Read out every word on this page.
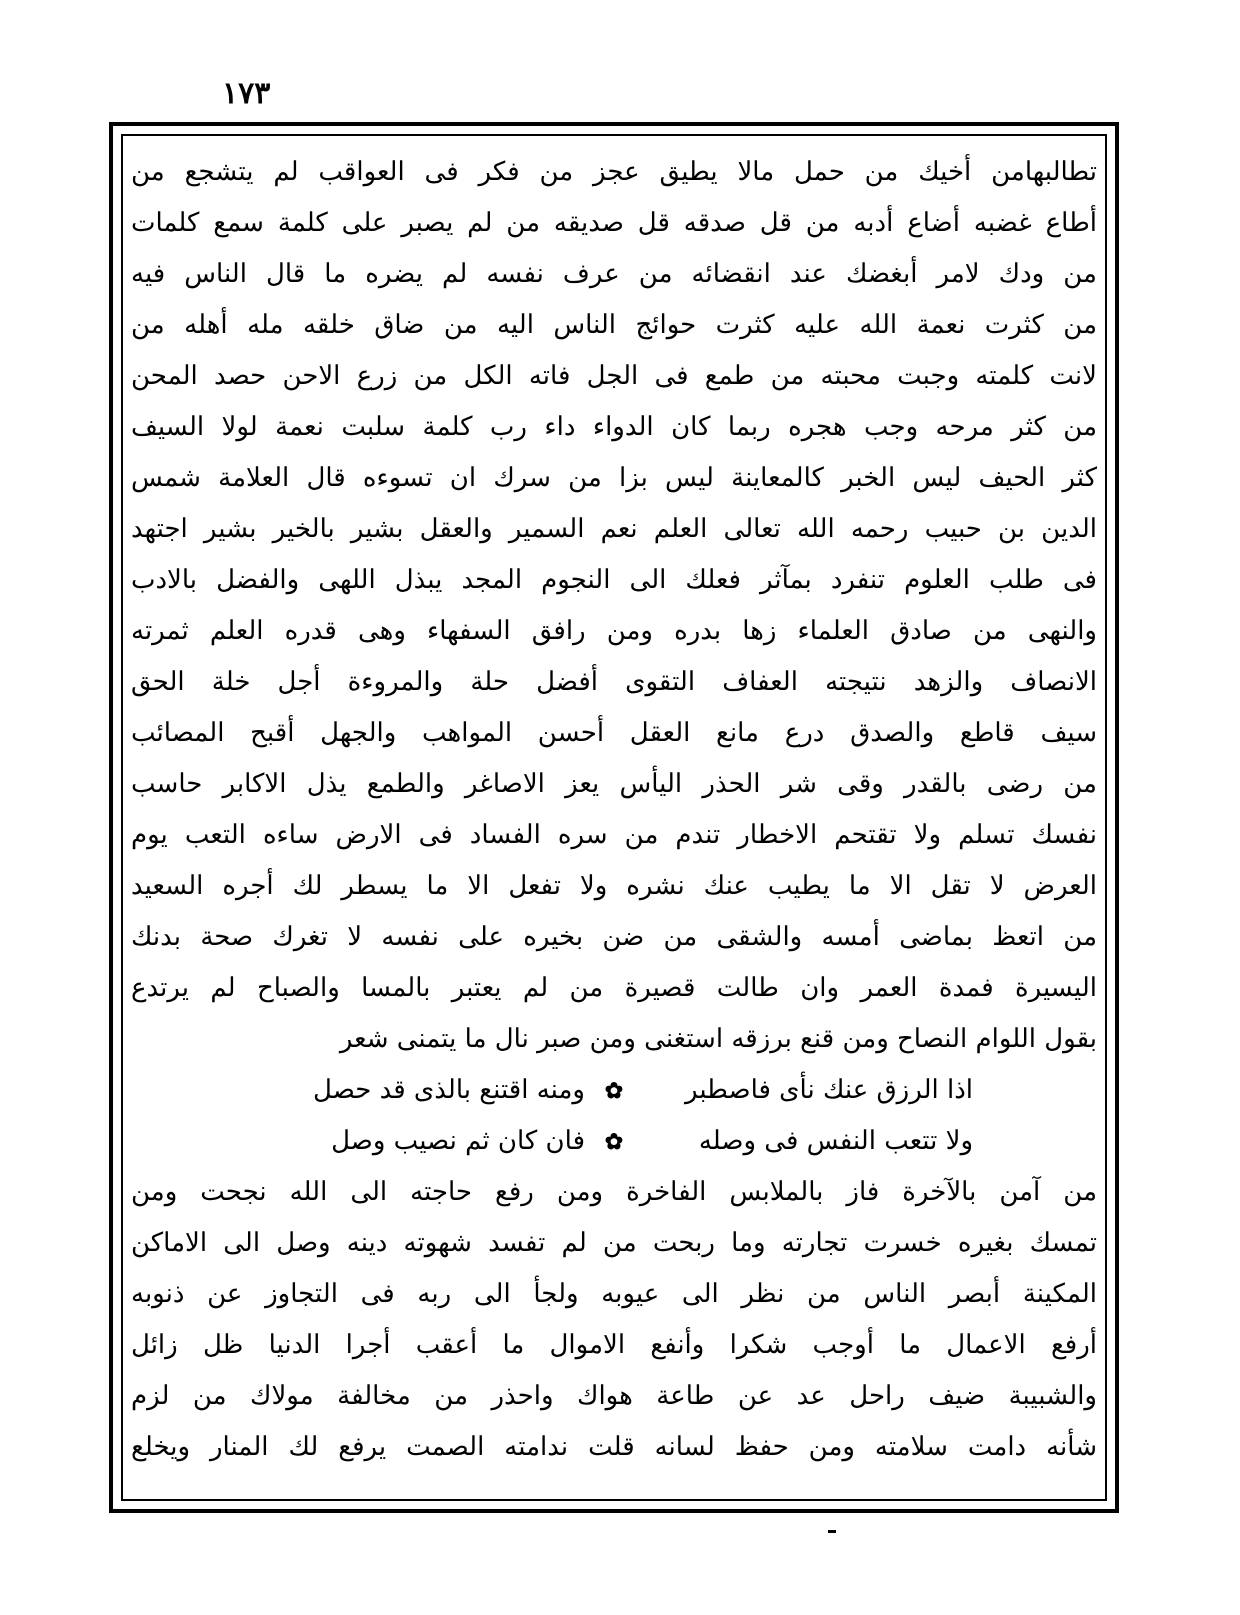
١٧٣
تطالبهامن أخيك من حمل مالا يطيق عجز من فكر فى العواقب لم يتشجع من
أطاع غضبه أضاع أدبه من قل صدقه قل صديقه من لم يصبر على كلمة سمع كلمات
من ودك لامر أبغضك عند انقضائه من عرف نفسه لم يضره ما قال الناس فيه
من كثرت نعمة الله عليه كثرت حوائج الناس اليه من ضاق خلقه مله أهله من
لانت كلمته وجبت محبته من طمع فى الجل فاته الكل من زرع الاحن حصد المحن
من كثر مرحه وجب هجره ربما كان الدواء داء رب كلمة سلبت نعمة لولا السيف
كثر الحيف ليس الخبر كالمعاينة ليس بزا من سرك ان تسوءه قال العلامة شمس
الدين بن حبيب رحمه الله تعالى العلم نعم السمير والعقل بشير بالخير بشير اجتهد
فى طلب العلوم تنفرد بمآثر فعلك الى النجوم المجد يبذل اللهى والفضل بالادب
والنهى من صادق العلماء زها بدره ومن رافق السفهاء وهى قدره العلم ثمرته
الانصاف والزهد نتيجته العفاف التقوى أفضل حلة والمروءة أجل خلة الحق
سيف قاطع والصدق درع مانع العقل أحسن المواهب والجهل أقبح المصائب
من رضى بالقدر وقى شر الحذر اليأس يعز الاصاغر والطمع يذل الاكابر حاسب
نفسك تسلم ولا تقتحم الاخطار تندم من سره الفساد فى الارض ساءه التعب يوم
العرض لا تقل الا ما يطيب عنك نشره ولا تفعل الا ما يسطر لك أجره السعيد
من اتعظ بماضى أمسه والشقى من ضن بخيره على نفسه لا تغرك صحة بدنك
اليسيرة فمدة العمر وان طالت قصيرة من لم يعتبر بالمسا والصباح لم يرتدع
بقول اللوام النصاح ومن قنع برزقه استغنى ومن صبر نال ما يتمنى شعر
اذا الرزق عنك نأى فاصطبر
✿
ومنه اقتنع بالذى قد حصل
ولا تتعب النفس فى وصله
✿
فان كان ثم نصيب وصل
من آمن بالآخرة فاز بالملابس الفاخرة ومن رفع حاجته الى الله نجحت ومن
تمسك بغيره خسرت تجارته وما ربحت من لم تفسد شهوته دينه وصل الى الاماكن
المكينة أبصر الناس من نظر الى عيوبه ولجأ الى ربه فى التجاوز عن ذنوبه
أرفع الاعمال ما أوجب شكرا وأنفع الاموال ما أعقب أجرا الدنيا ظل زائل
والشبيبة ضيف راحل عد عن طاعة هواك واحذر من مخالفة مولاك من لزم
شأنه دامت سلامته ومن حفظ لسانه قلت ندامته الصمت يرفع لك المنار ويخلع
